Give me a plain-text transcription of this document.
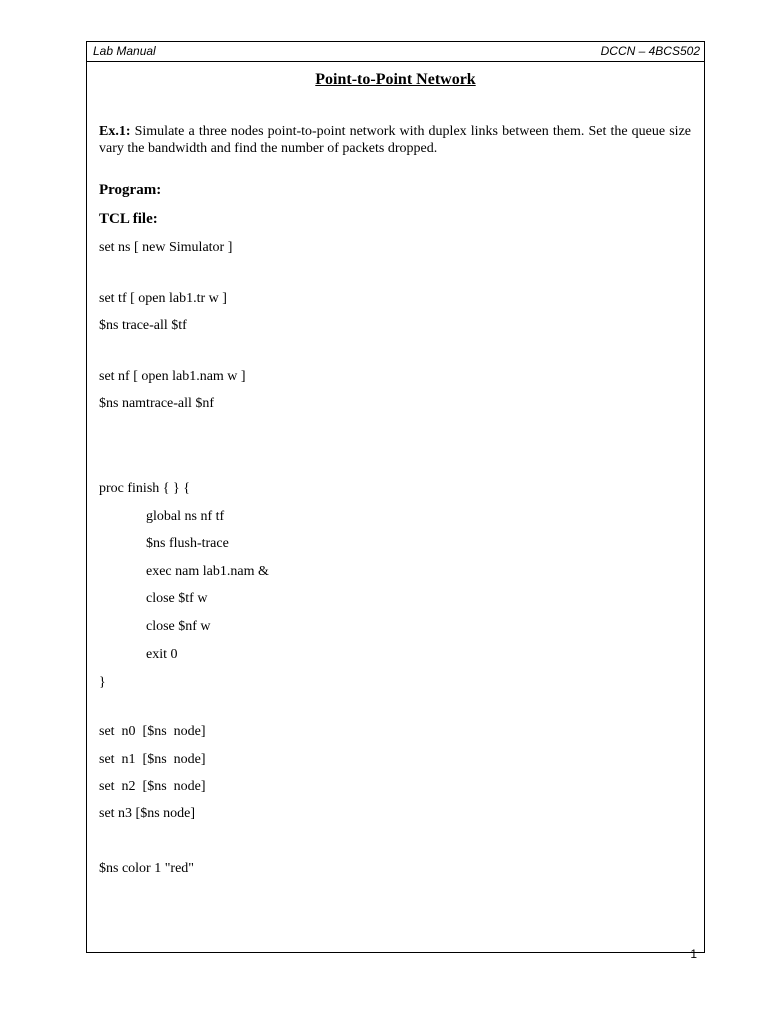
Lab Manual	DCCN – 4BCS502
Point-to-Point Network
Ex.1: Simulate a three nodes point-to-point network with duplex links between them. Set the queue size vary the bandwidth and find the number of packets dropped.
Program:
TCL file:
set ns [ new Simulator ]
set tf [ open lab1.tr w ]
$ns trace-all $tf
set nf [ open lab1.nam w ]
$ns namtrace-all $nf
proc finish { } {
global ns nf tf
$ns flush-trace
exec nam lab1.nam &
close $tf w
close $nf w
exit 0
}
set  n0  [$ns  node]
set  n1  [$ns  node]
set  n2  [$ns  node]
set n3 [$ns node]
$ns color 1 "red"
1
